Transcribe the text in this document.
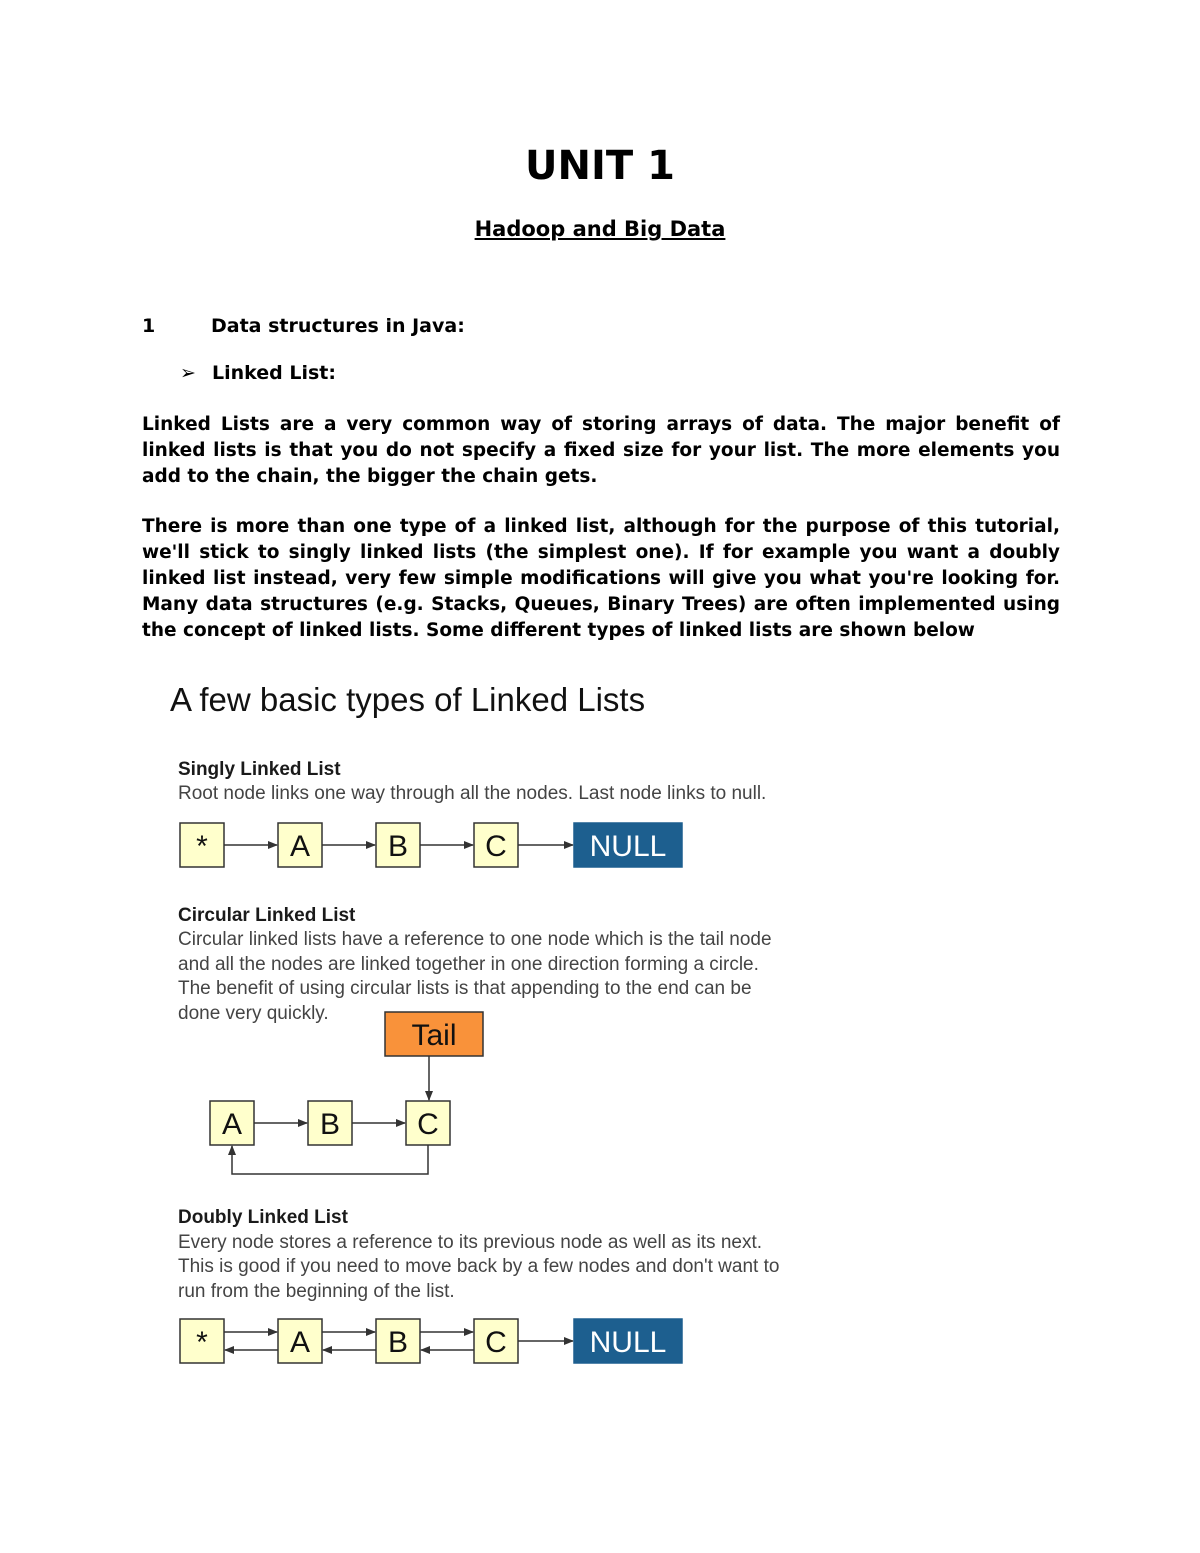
UNIT 1
Hadoop and Big Data
1	Data structures in Java:
➢ Linked List:
Linked Lists are a very common way of storing arrays of data. The major benefit of linked lists is that you do not specify a fixed size for your list. The more elements you add to the chain, the bigger the chain gets.
There is more than one type of a linked list, although for the purpose of this tutorial, we'll stick to singly linked lists (the simplest one). If for example you want a doubly linked list instead, very few simple modifications will give you what you're looking for. Many data structures (e.g. Stacks, Queues, Binary Trees) are often implemented using the concept of linked lists. Some different types of linked lists are shown below
A few basic types of Linked Lists
Singly Linked List
Root node links one way through all the nodes. Last node links to null.
*	A	B	C	NULL
Circular Linked List
Circular linked lists have a reference to one node which is the tail node
and all the nodes are linked together in one direction forming a circle.
The benefit of using circular lists is that appending to the end can be
done very quickly.
Tail
A	B	C
Doubly Linked List
Every node stores a reference to its previous node as well as its next.
This is good if you need to move back by a few nodes and don't want to
run from the beginning of the list.
*	A	B	C	NULL
